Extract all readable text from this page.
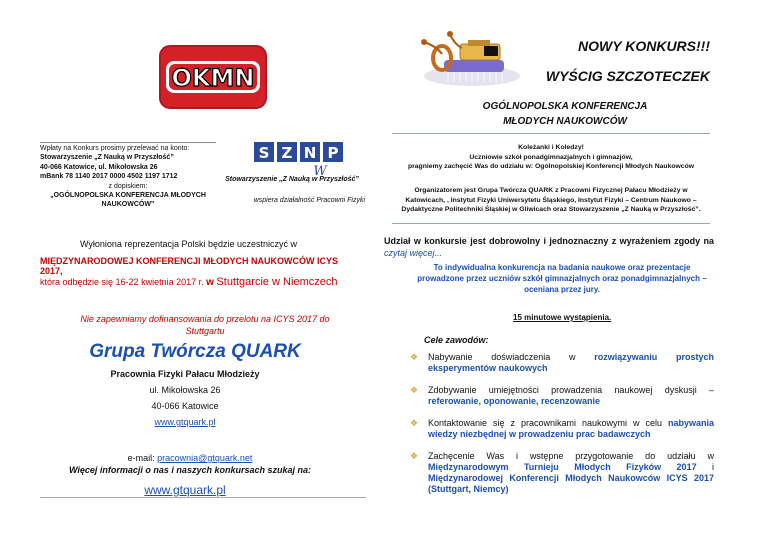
OKMN
Wpłaty na Konkurs prosimy przelewać na konto:
Stowarzyszenie „Z Nauką w Przyszłość”
40-066 Katowice, ul. Mikołowska 26
mBank 78 1140 2017 0000 4502 1197 1712
z dopiskiem:
„OGÓLNOPOLSKA KONFERENCJA MŁODYCH
NAUKOWCÓW”
S Z N P
W
Stowarzyszenie „Z Nauką w Przyszłość”
wspiera działalność Pracowni Fizyki
Wyłoniona reprezentacja Polski będzie uczestniczyć w
MIĘDZYNARODOWEJ KONFERENCJI MŁODYCH NAUKOWCÓW ICYS 2017,
która odbędzie się 16-22 kwietnia 2017 r. w Stuttgarcie w Niemczech
Nie zapewniamy dofinansowania do przelotu na ICYS 2017 do
Stuttgartu
Grupa Twórcza QUARK
Pracownia Fizyki Pałacu Młodzieży
ul. Mikołowska 26
40-066 Katowice
www.gtquark.pl
e-mail: pracownia@gtquark.net
Więcej informacji o nas i naszych konkursach szukaj na:
www.gtquark.pl
NOWY KONKURS!!!
WYŚCIG SZCZOTECZEK
OGÓLNOPOLSKA KONFERENCJA
MŁODYCH NAUKOWCÓW
Koleżanki i Koledzy!
Uczniowie szkół ponadgimnazjalnych i gimnazjów,
pragniemy zachęcić Was do udziału w: Ogólnopolskiej Konferencji Młodych Naukowców
Organizatorem jest Grupa Twórcza QUARK z Pracowni Fizycznej Pałacu Młodzieży w
Katowicach, , Instytut Fizyki Uniwersytetu Śląskiego, Instytut Fizyki – Centrum Naukowo –
Dydaktyczne Politechniki Śląskiej w Gliwicach oraz Stowarzyszenie „Z Nauką w Przyszłość”.
Udział w konkursie jest dobrowolny i jednoznaczny z wyrażeniem zgody na czytaj więcej...
To indywidualna konkurencja na badania naukowe oraz prezentacje
prowadzone przez uczniów szkół gimnazjalnych oraz ponadgimnazjalnych –
oceniana przez jury.
15 minutowe wystąpienia.
Cele zawodów:
❖ Nabywanie doświadczenia w rozwiązywaniu prostych eksperymentów naukowych
❖ Zdobywanie umiejętności prowadzenia naukowej dyskusji – referowanie, oponowanie, recenzowanie
❖ Kontaktowanie się z pracownikami naukowymi w celu nabywania wiedzy niezbędnej w prowadzeniu prac badawczych
❖ Zachęcenie Was i wstępne przygotowanie do udziału w Międzynarodowym Turnieju Młodych Fizyków 2017 i Międzynarodowej Konferencji Młodych Naukowców ICYS 2017 (Stuttgart, Niemcy)
